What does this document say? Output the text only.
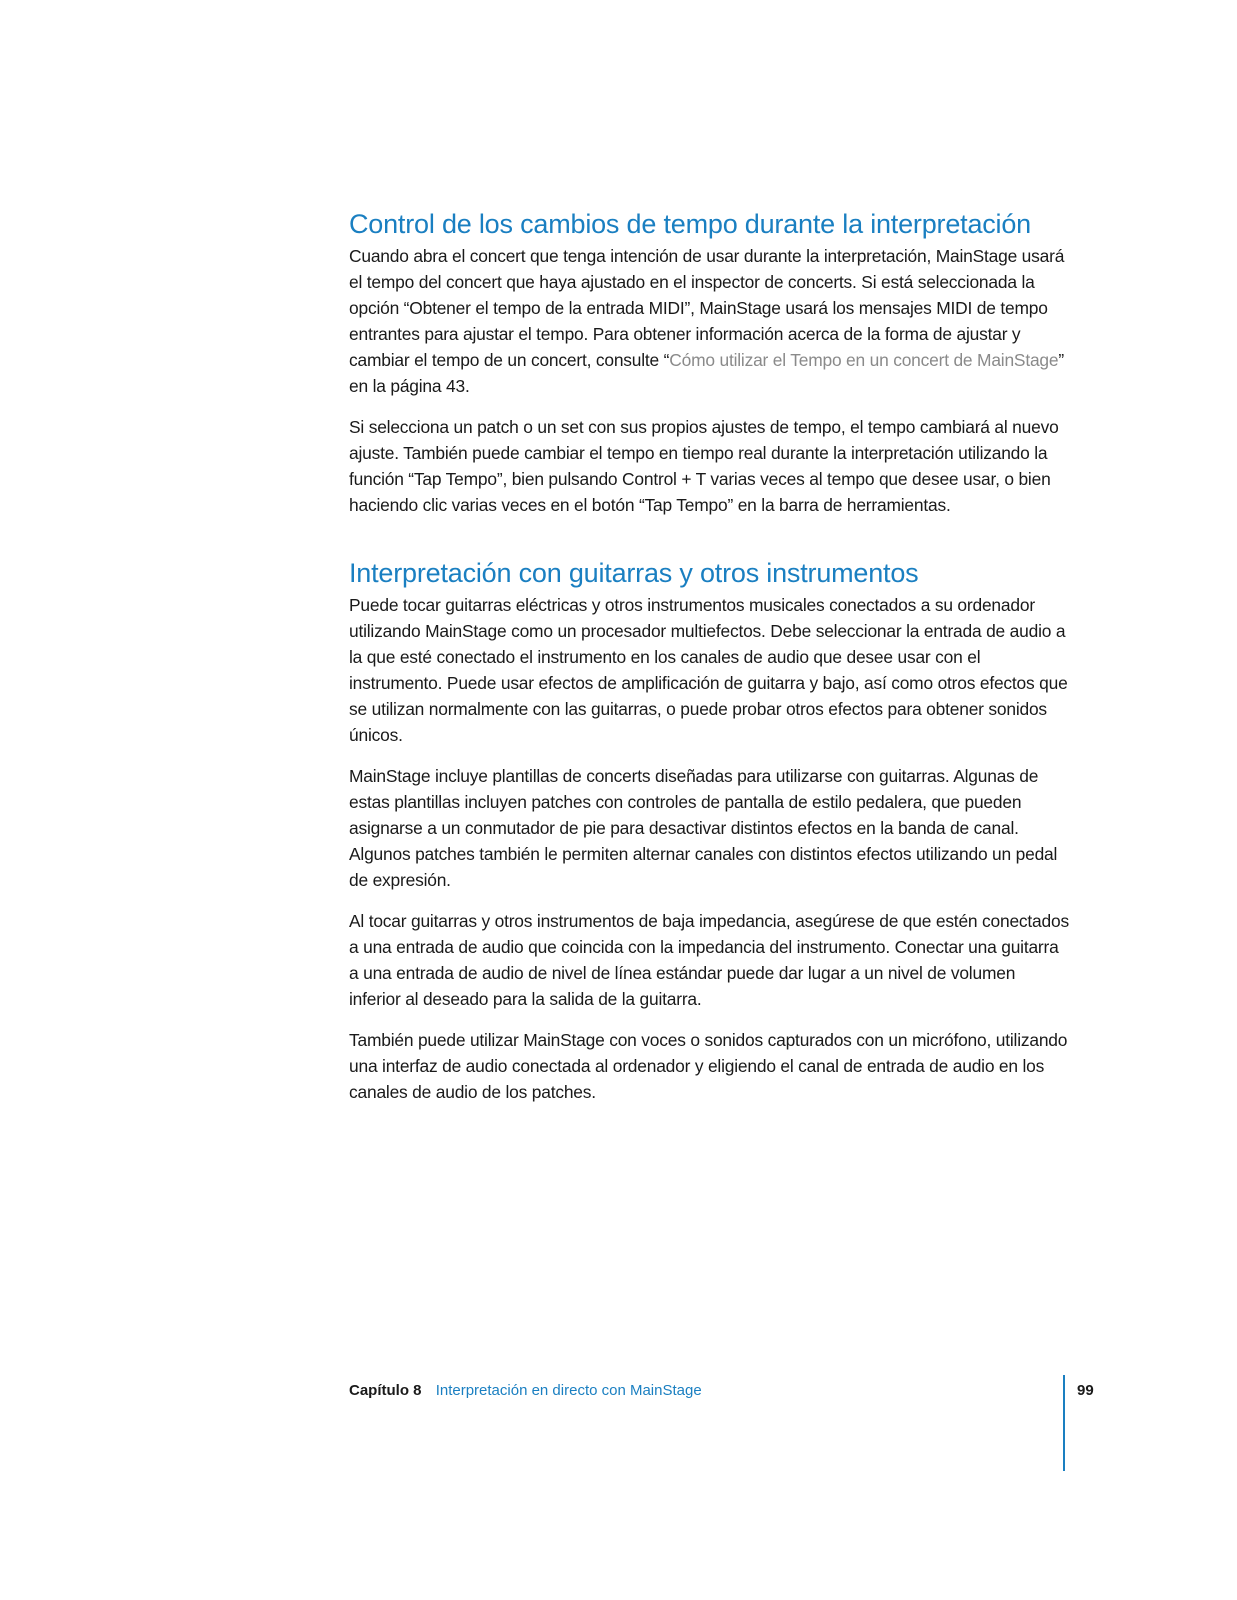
Control de los cambios de tempo durante la interpretación

Cuando abra el concert que tenga intención de usar durante la interpretación, MainStage usará el tempo del concert que haya ajustado en el inspector de concerts. Si está seleccionada la opción “Obtener el tempo de la entrada MIDI”, MainStage usará los mensajes MIDI de tempo entrantes para ajustar el tempo. Para obtener información acerca de la forma de ajustar y cambiar el tempo de un concert, consulte “Cómo utilizar el Tempo en un concert de MainStage” en la página 43.

Si selecciona un patch o un set con sus propios ajustes de tempo, el tempo cambiará al nuevo ajuste. También puede cambiar el tempo en tiempo real durante la interpretación utilizando la función “Tap Tempo”, bien pulsando Control + T varias veces al tempo que desee usar, o bien haciendo clic varias veces en el botón “Tap Tempo” en la barra de herramientas.

Interpretación con guitarras y otros instrumentos

Puede tocar guitarras eléctricas y otros instrumentos musicales conectados a su ordenador utilizando MainStage como un procesador multiefectos. Debe seleccionar la entrada de audio a la que esté conectado el instrumento en los canales de audio que desee usar con el instrumento. Puede usar efectos de amplificación de guitarra y bajo, así como otros efectos que se utilizan normalmente con las guitarras, o puede probar otros efectos para obtener sonidos únicos.

MainStage incluye plantillas de concerts diseñadas para utilizarse con guitarras. Algunas de estas plantillas incluyen patches con controles de pantalla de estilo pedalera, que pueden asignarse a un conmutador de pie para desactivar distintos efectos en la banda de canal. Algunos patches también le permiten alternar canales con distintos efectos utilizando un pedal de expresión.

Al tocar guitarras y otros instrumentos de baja impedancia, asegúrese de que estén conectados a una entrada de audio que coincida con la impedancia del instrumento. Conectar una guitarra a una entrada de audio de nivel de línea estándar puede dar lugar a un nivel de volumen inferior al deseado para la salida de la guitarra.

También puede utilizar MainStage con voces o sonidos capturados con un micrófono, utilizando una interfaz de audio conectada al ordenador y eligiendo el canal de entrada de audio en los canales de audio de los patches.

Capítulo 8 Interpretación en directo con MainStage	99
